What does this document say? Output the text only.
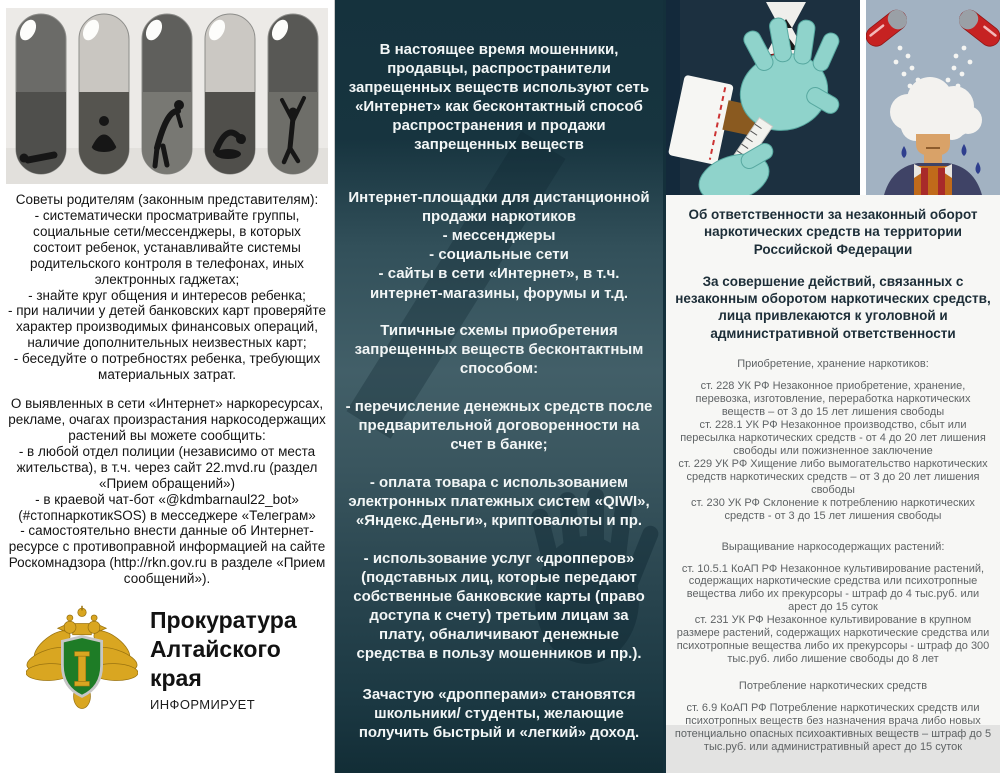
Советы родителям (законным представителям):

- систематически просматривайте группы, социальные сети/мессенджеры, в которых состоит ребенок, устанавливайте системы родительского контроля в телефонах, иных электронных гаджетах;

- знайте круг общения и интересов ребенка;

- при наличии у детей банковских карт проверяйте характер производимых финансовых операций, наличие дополнительных неизвестных карт;

- беседуйте о потребностях ребенка, требующих материальных затрат.

О выявленных в сети «Интернет» наркоресурсах, рекламе, очагах произрастания наркосодержащих растений вы можете сообщить:

- в любой отдел полиции (независимо от места жительства), в т.ч. через сайт 22.mvd.ru (раздел «Прием обращений»)

- в краевой чат-бот «@kdmbarnaul22_bot» (#стопнаркотикSOS) в месседжере «Телеграм»

- самостоятельно внести данные об Интернет-ресурсе с противоправной информацией на сайте Роскомнадзора (http://rkn.gov.ru в разделе «Прием сообщений»).

Прокуратура
Алтайского края
ИНФОРМИРУЕТ
В настоящее время мошенники, продавцы, распространители запрещенных веществ используют сеть «Интернет» как бесконтактный способ распространения и продажи запрещенных веществ

Интернет-площадки для дистанционной продажи наркотиков

- мессенджеры

- социальные сети

- сайты в сети «Интернет», в т.ч. интернет-магазины, форумы и т.д.

Типичные схемы приобретения запрещенных веществ бесконтактным способом:
- перечисление денежных средств после предварительной договоренности на счет в банке;
- оплата товара с использованием электронных платежных систем «QIWI», «Яндекс.Деньги», криптовалюты и пр.
- использование услуг «дропперов» (подставных лиц, которые передают собственные банковские карты (право доступа к счету) третьим лицам за плату, обналичивают денежные средства в пользу мошенников и пр.).
Зачастую «дропперами» становятся школьники/ студенты, желающие получить быстрый и «легкий» доход.
Об ответственности за незаконный оборот наркотических средств на территории Российской Федерации
За совершение действий, связанных с незаконным оборотом наркотических средств, лица привлекаются к уголовной и административной ответственности
Приобретение, хранение наркотиков:

ст. 228 УК РФ Незаконное приобретение, хранение, перевозка, изготовление, переработка наркотических веществ – от 3 до 15 лет лишения свободы

ст. 228.1 УК РФ Незаконное производство, сбыт или пересылка наркотических средств - от 4 до 20 лет лишения свободы или пожизненное заключение

ст. 229 УК РФ Хищение либо вымогательство наркотических средств наркотических средств – от 3 до 20 лет лишения свободы

ст. 230 УК РФ Склонение к потреблению наркотических средств - от 3 до 15 лет лишения свободы

Выращивание наркосодержащих растений:

ст. 10.5.1 КоАП РФ Незаконное культивирование растений, содержащих наркотические средства или психотропные вещества либо их прекурсоры - штраф до 4 тыс.руб. или арест до 15 суток

ст. 231 УК РФ Незаконное культивирование в крупном размере растений, содержащих наркотические средства или психотропные вещества либо их прекурсоры - штраф до 300 тыс.руб. либо лишение свободы до 8 лет

Потребление наркотических средств

ст. 6.9 КоАП РФ Потребление наркотических средств или психотропных веществ без назначения врача либо новых потенциально опасных психоактивных веществ – штраф до 5 тыс.руб. или административный арест до 15 суток
